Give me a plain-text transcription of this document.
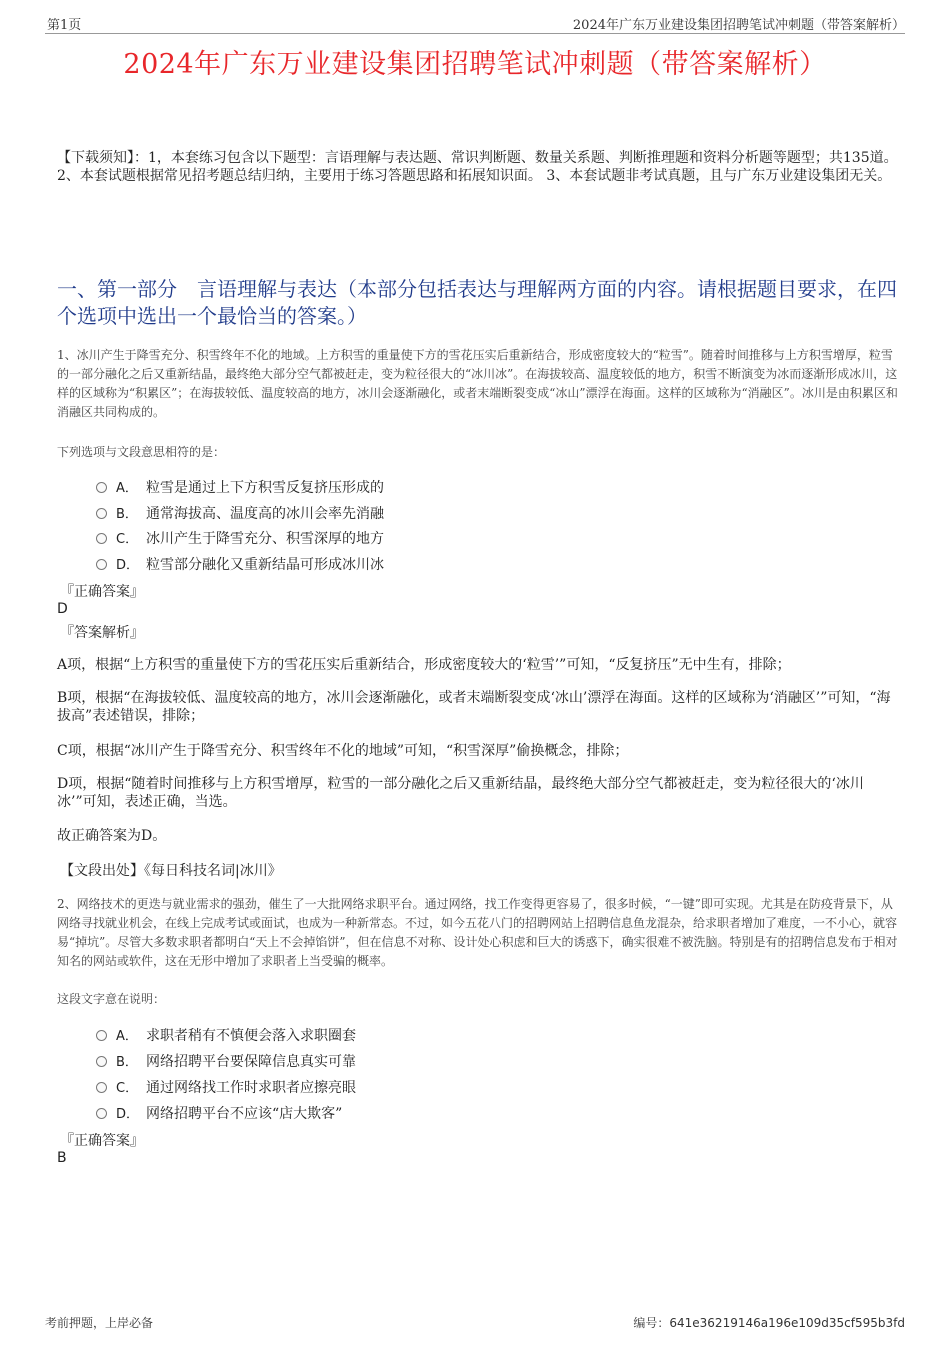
第1页	2024年广东万业建设集团招聘笔试冲刺题（带答案解析）
2024年广东万业建设集团招聘笔试冲刺题（带答案解析）
【下载须知】：1，本套练习包含以下题型：言语理解与表达题、常识判断题、数量关系题、判断推理题和资料分析题等题型；共135道。 2、本套试题根据常见招考题总结归纳，主要用于练习答题思路和拓展知识面。 3、本套试题非考试真题，且与广东万业建设集团无关。
一、第一部分　言语理解与表达（本部分包括表达与理解两方面的内容。请根据题目要求，在四个选项中选出一个最恰当的答案。）
1、冰川产生于降雪充分、积雪终年不化的地域。上方积雪的重量使下方的雪花压实后重新结合，形成密度较大的“粒雪”。随着时间推移与上方积雪增厚，粒雪的一部分融化之后又重新结晶，最终绝大部分空气都被赶走，变为粒径很大的“冰川冰”。在海拔较高、温度较低的地方，积雪不断演变为冰而逐渐形成冰川，这样的区域称为“积累区”；在海拔较低、温度较高的地方，冰川会逐渐融化，或者末端断裂变成“冰山”漂浮在海面。这样的区域称为“消融区”。冰川是由积累区和消融区共同构成的。
下列选项与文段意思相符的是：
A． 粒雪是通过上下方积雪反复挤压形成的
B． 通常海拔高、温度高的冰川会率先消融
C． 冰川产生于降雪充分、积雪深厚的地方
D． 粒雪部分融化又重新结晶可形成冰川冰
『正确答案』
D
『答案解析』
A项，根据“上方积雪的重量使下方的雪花压实后重新结合，形成密度较大的‘粒雪’”可知，“反复挤压”无中生有，排除；
B项，根据“在海拔较低、温度较高的地方，冰川会逐渐融化，或者末端断裂变成‘冰山’漂浮在海面。这样的区域称为‘消融区’”可知，“海拔高”表述错误，排除；
C项，根据“冰川产生于降雪充分、积雪终年不化的地域”可知，“积雪深厚”偷换概念，排除；
D项，根据“随着时间推移与上方积雪增厚，粒雪的一部分融化之后又重新结晶，最终绝大部分空气都被赶走，变为粒径很大的‘冰川冰’”可知，表述正确，当选。
故正确答案为D。
【文段出处】《每日科技名词|冰川》
2、网络技术的更迭与就业需求的强劲，催生了一大批网络求职平台。通过网络，找工作变得更容易了，很多时候，“一键”即可实现。尤其是在防疫背景下，从网络寻找就业机会，在线上完成考试或面试，也成为一种新常态。不过，如今五花八门的招聘网站上招聘信息鱼龙混杂，给求职者增加了难度，一不小心，就容易“掉坑”。尽管大多数求职者都明白“天上不会掉馅饼”，但在信息不对称、设计处心积虑和巨大的诱惑下，确实很难不被洗脑。特别是有的招聘信息发布于相对知名的网站或软件，这在无形中增加了求职者上当受骗的概率。
这段文字意在说明：
A． 求职者稍有不慎便会落入求职圈套
B． 网络招聘平台要保障信息真实可靠
C． 通过网络找工作时求职者应擦亮眼
D． 网络招聘平台不应该“店大欺客”
『正确答案』
B
考前押题，上岸必备	编号：641e36219146a196e109d35cf595b3fd
